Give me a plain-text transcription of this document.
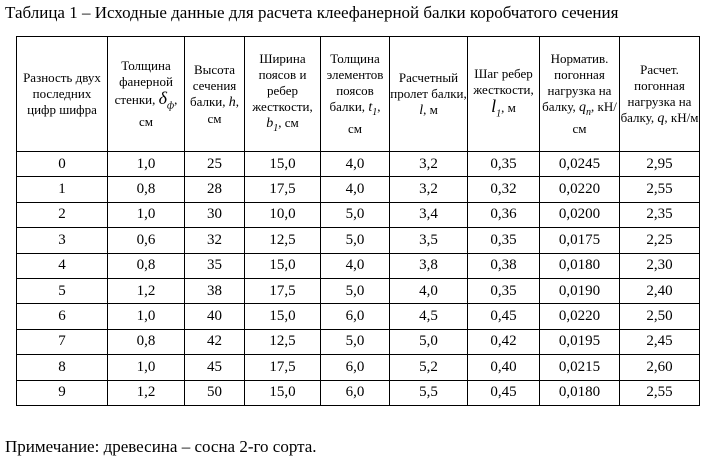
Таблица 1 – Исходные данные для расчета клеефанерной балки коробчатого сечения
Разность двух последних цифр шифра	Толщина фанерной стенки, $\delta_ф$, см	Высота сечения балки, h, см	Ширина поясов и ребер жесткости, $b_1$, см	Толщина элементов поясов балки, $t_1$, см	Расчетный пролет балки, l, м	Шаг ребер жесткости, $l_1$, м	Норматив. погонная нагрузка на балку, $q_n$, кН/см	Расчет. погонная нагрузка на балку, q, кН/м
0	1,0	25	15,0	4,0	3,2	0,35	0,0245	2,95
1	0,8	28	17,5	4,0	3,2	0,32	0,0220	2,55
2	1,0	30	10,0	5,0	3,4	0,36	0,0200	2,35
3	0,6	32	12,5	5,0	3,5	0,35	0,0175	2,25
4	0,8	35	15,0	4,0	3,8	0,38	0,0180	2,30
5	1,2	38	17,5	5,0	4,0	0,35	0,0190	2,40
6	1,0	40	15,0	6,0	4,5	0,45	0,0220	2,50
7	0,8	42	12,5	5,0	5,0	0,42	0,0195	2,45
8	1,0	45	17,5	6,0	5,2	0,40	0,0215	2,60
9	1,2	50	15,0	6,0	5,5	0,45	0,0180	2,55
Примечание: древесина – сосна 2-го сорта.
